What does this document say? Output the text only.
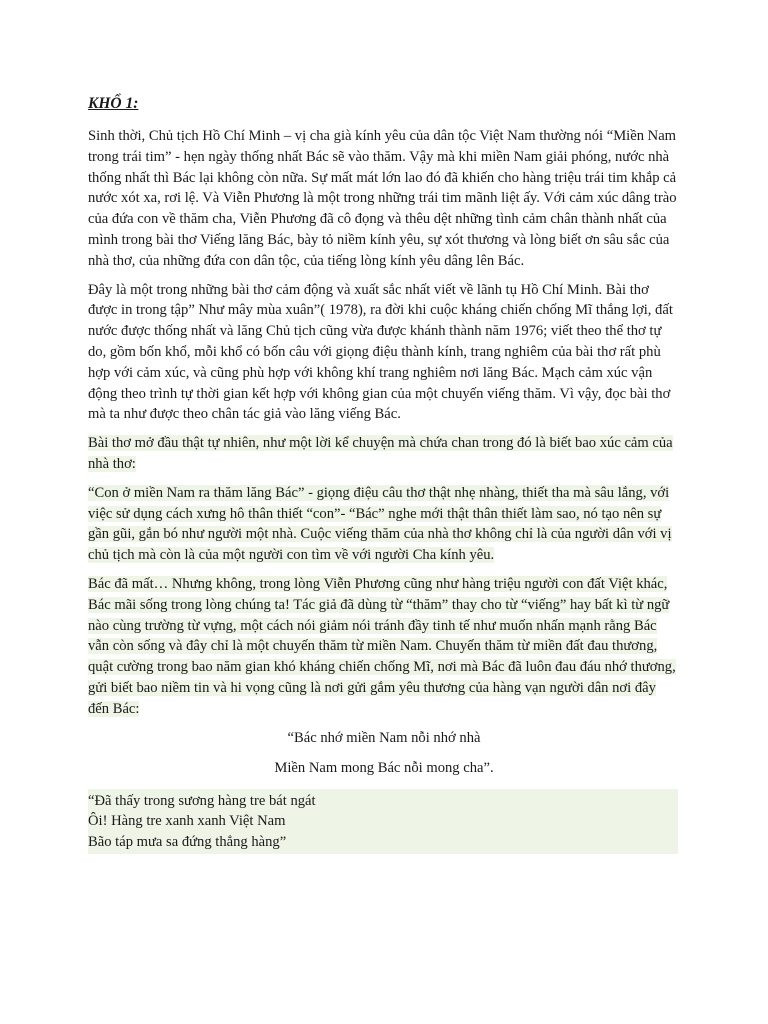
KHỔ 1:

Sinh thời, Chủ tịch Hồ Chí Minh – vị cha già kính yêu của dân tộc Việt Nam thường nói “Miền Nam trong trái tim” - hẹn ngày thống nhất Bác sẽ vào thăm. Vậy mà khi miền Nam giải phóng, nước nhà thống nhất thì Bác lại không còn nữa. Sự mất mát lớn lao đó đã khiến cho hàng triệu trái tim khắp cả nước xót xa, rơi lệ. Và Viễn Phương là một trong những trái tim mãnh liệt ấy. Với cảm xúc dâng trào của đứa con về thăm cha, Viễn Phương đã cô đọng và thêu dệt những tình cảm chân thành nhất của mình trong bài thơ Viếng lăng Bác, bày tỏ niềm kính yêu, sự xót thương và lòng biết ơn sâu sắc của nhà thơ, của những đứa con dân tộc, của tiếng lòng kính yêu dâng lên Bác.

Đây là một trong những bài thơ cảm động và xuất sắc nhất viết về lãnh tụ Hồ Chí Minh. Bài thơ được in trong tập” Như mây mùa xuân”( 1978), ra đời khi cuộc kháng chiến chống Mĩ thắng lợi, đất nước được thống nhất và lăng Chủ tịch cũng vừa được khánh thành năm 1976; viết theo thể thơ tự do, gồm bốn khổ, mỗi khổ có bốn câu với giọng điệu thành kính, trang nghiêm của bài thơ rất phù hợp với cảm xúc, và cũng phù hợp với không khí trang nghiêm nơi lăng Bác. Mạch cảm xúc vận động theo trình tự thời gian kết hợp với không gian của một chuyến viếng thăm. Vì vậy, đọc bài thơ mà ta như được theo chân tác giả vào lăng viếng Bác.

Bài thơ mở đầu thật tự nhiên, như một lời kể chuyện mà chứa chan trong đó là biết bao xúc cảm của nhà thơ:

“Con ở miền Nam ra thăm lăng Bác” - giọng điệu câu thơ thật nhẹ nhàng, thiết tha mà sâu lắng, với việc sử dụng cách xưng hô thân thiết “con”- “Bác” nghe mới thật thân thiết làm sao, nó tạo nên sự gần gũi, gắn bó như người một nhà. Cuộc viếng thăm của nhà thơ không chỉ là của người dân với vị chủ tịch mà còn là của một người con tìm về với người Cha kính yêu.

Bác đã mất… Nhưng không, trong lòng Viễn Phương cũng như hàng triệu người con đất Việt khác, Bác mãi sống trong lòng chúng ta! Tác giả đã dùng từ “thăm” thay cho từ “viếng” hay bất kì từ ngữ nào cùng trường từ vựng, một cách nói giảm nói tránh đầy tinh tế như muốn nhấn mạnh rằng Bác vẫn còn sống và đây chỉ là một chuyến thăm từ miền Nam. Chuyến thăm từ miền đất đau thương, quật cường trong bao năm gian khó kháng chiến chống Mĩ, nơi mà Bác đã luôn đau đáu nhớ thương, gửi biết bao niềm tin và hi vọng cũng là nơi gửi gắm yêu thương của hàng vạn người dân nơi đây đến Bác:

“Bác nhớ miền Nam nỗi nhớ nhà
Miền Nam mong Bác nỗi mong cha”.
“Đã thấy trong sương hàng tre bát ngát
Ôi! Hàng tre xanh xanh Việt Nam
Bão táp mưa sa đứng thẳng hàng”
